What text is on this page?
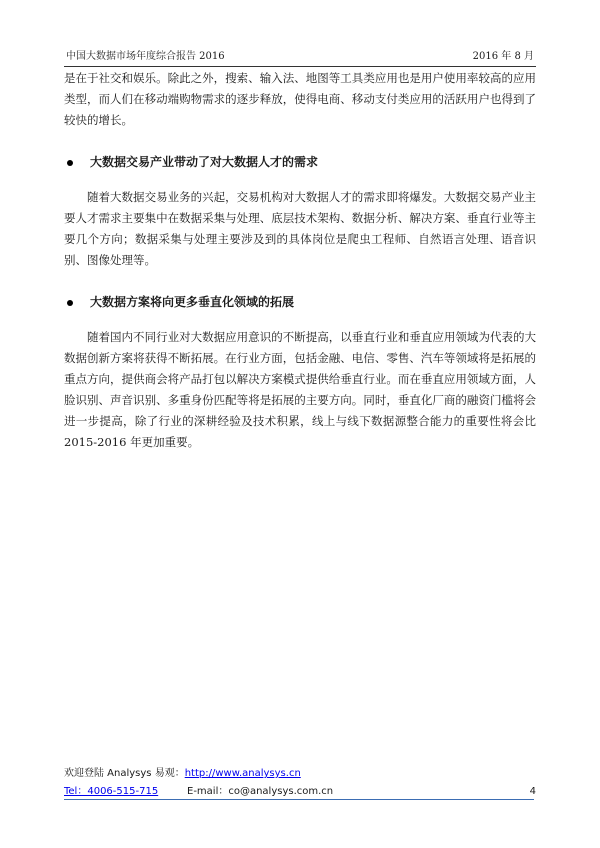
中国大数据市场年度综合报告 2016	2016 年 8 月

是在于社交和娱乐。除此之外，搜索、输入法、地图等工具类应用也是用户使用率较高的应用类型，而人们在移动端购物需求的逐步释放，使得电商、移动支付类应用的活跃用户也得到了较快的增长。

大数据交易产业带动了对大数据人才的需求

随着大数据交易业务的兴起，交易机构对大数据人才的需求即将爆发。大数据交易产业主要人才需求主要集中在数据采集与处理、底层技术架构、数据分析、解决方案、垂直行业等主要几个方向；数据采集与处理主要涉及到的具体岗位是爬虫工程师、自然语言处理、语音识别、图像处理等。

大数据方案将向更多垂直化领域的拓展

随着国内不同行业对大数据应用意识的不断提高，以垂直行业和垂直应用领域为代表的大数据创新方案将获得不断拓展。在行业方面，包括金融、电信、零售、汽车等领域将是拓展的重点方向，提供商会将产品打包以解决方案模式提供给垂直行业。而在垂直应用领域方面，人脸识别、声音识别、多重身份匹配等将是拓展的主要方向。同时，垂直化厂商的融资门槛将会进一步提高，除了行业的深耕经验及技术积累，线上与线下数据源整合能力的重要性将会比 2015-2016 年更加重要。

欢迎登陆 Analysys 易观：http://www.analysys.cn
Tel：4006-515-715	E-mail：co@analysys.com.cn	4
